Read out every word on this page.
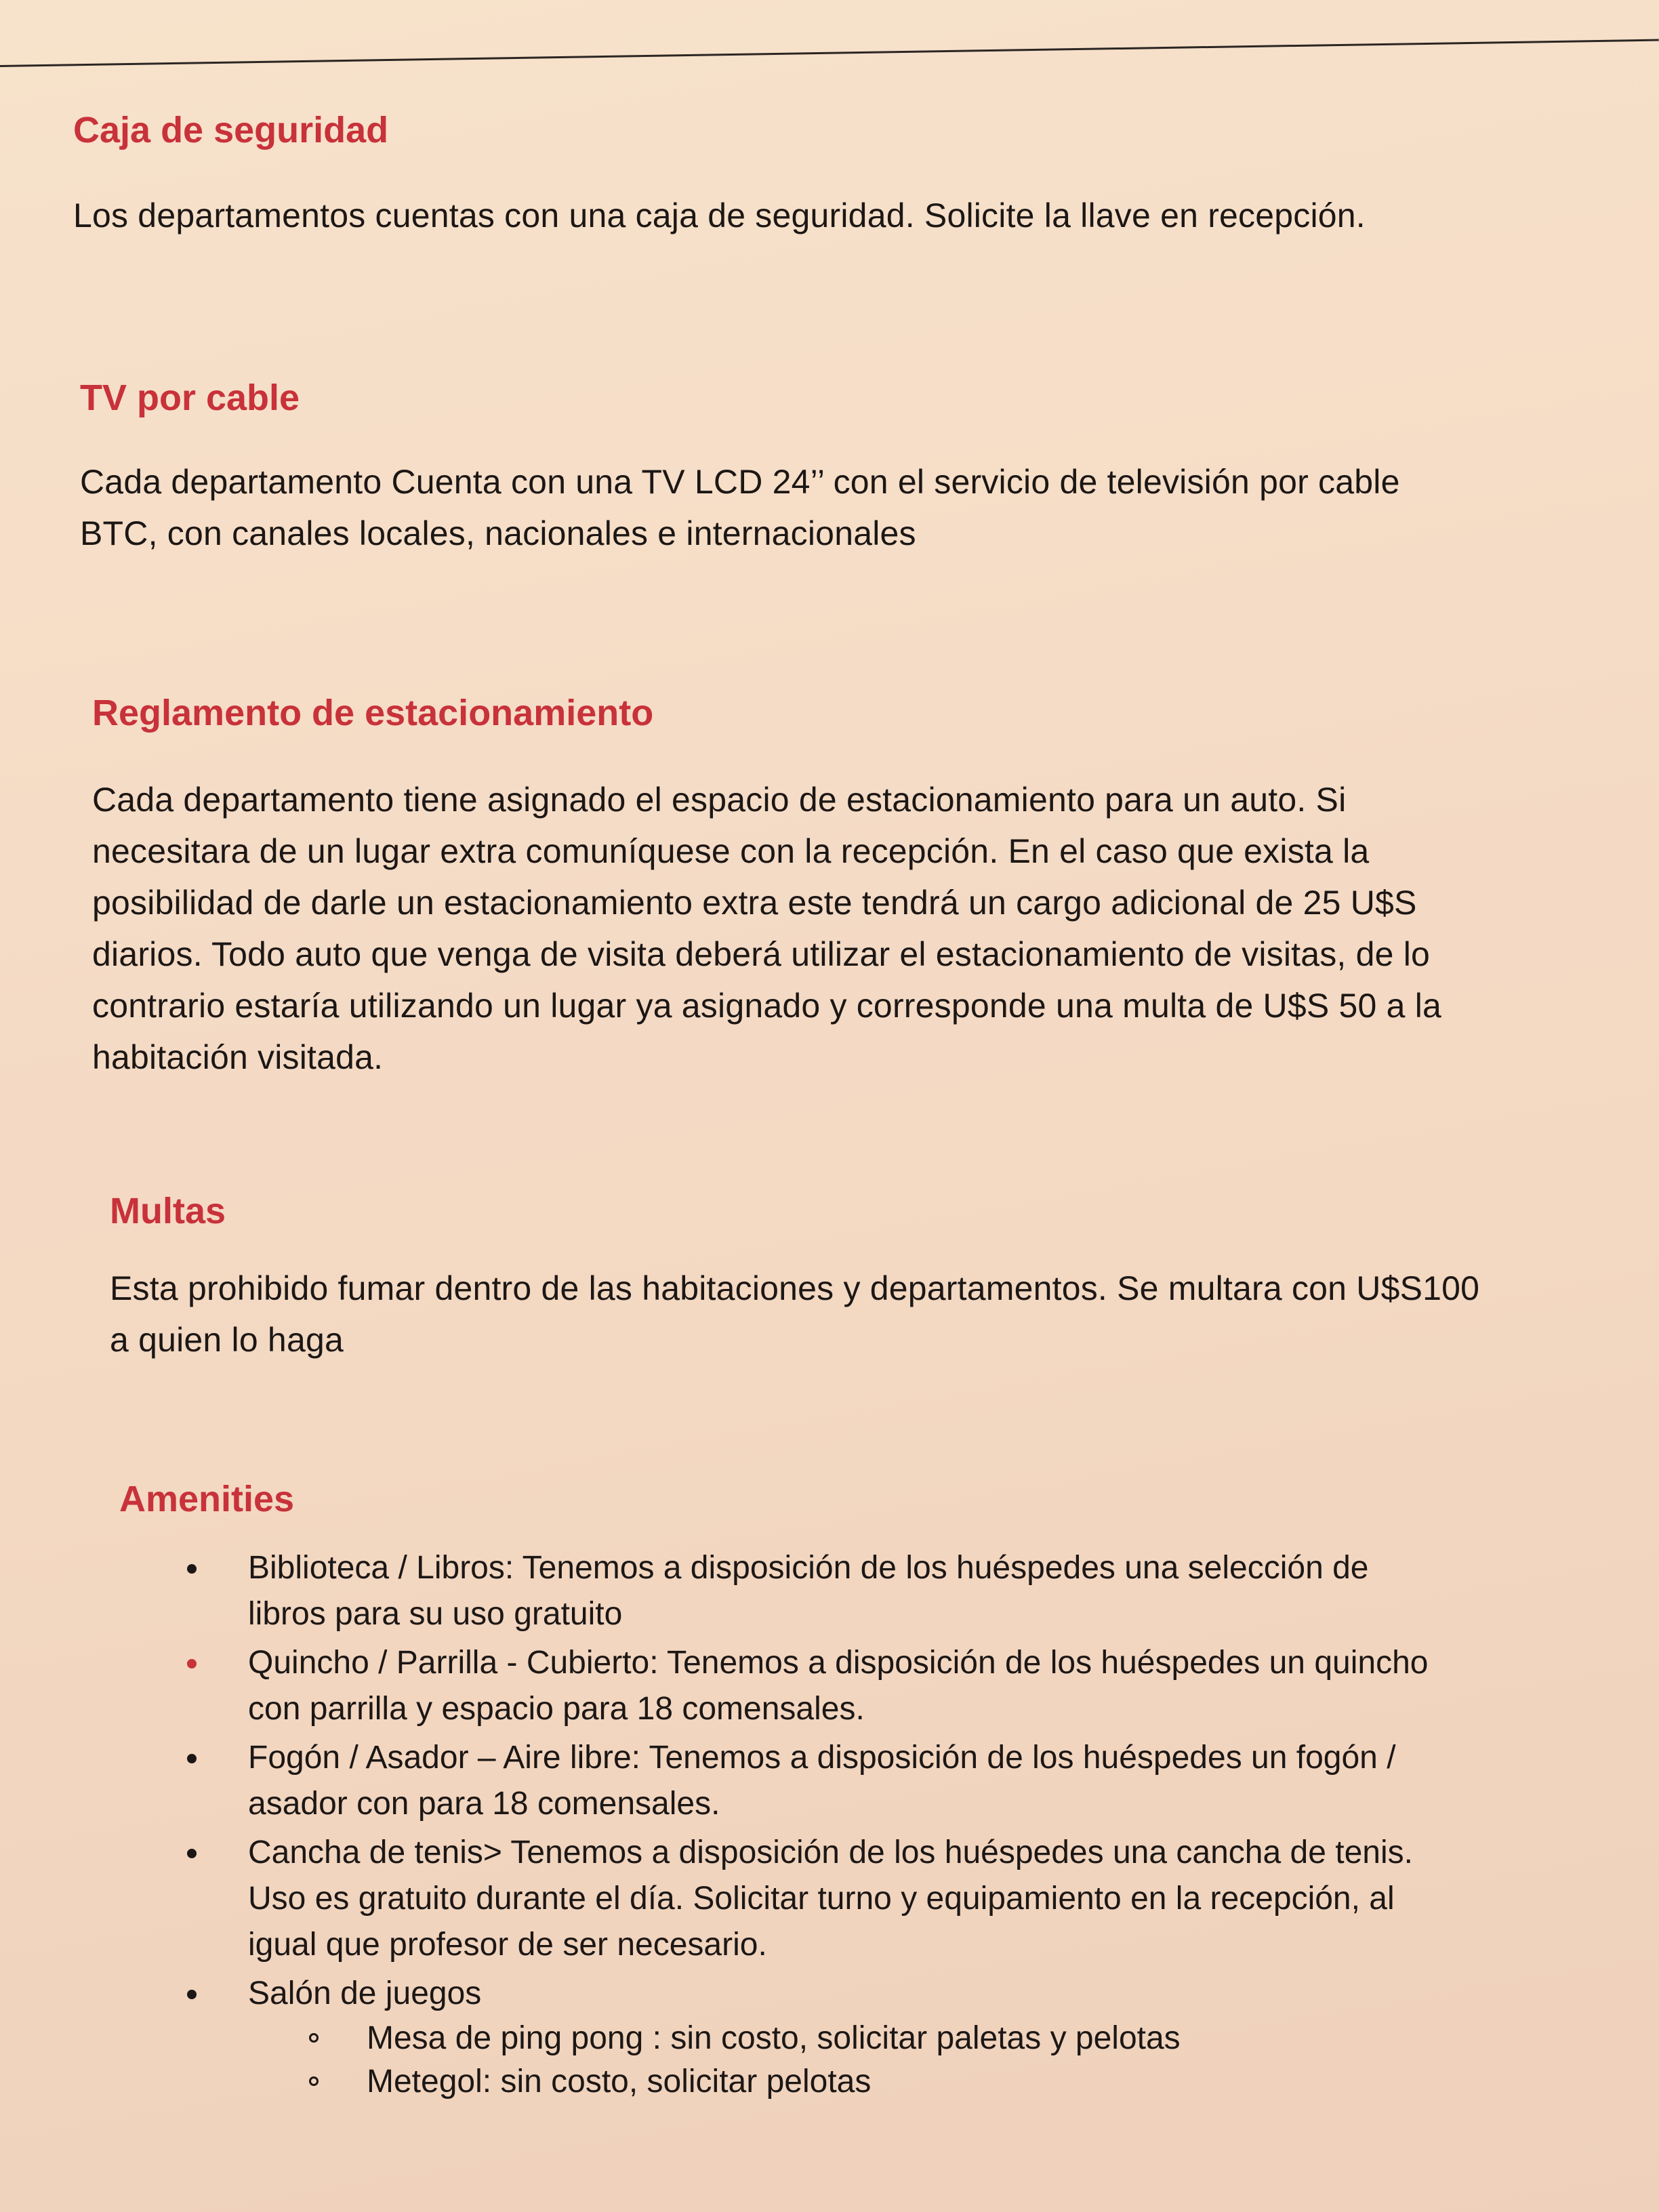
Caja de seguridad

Los departamentos cuentas con una caja de seguridad. Solicite la llave en recepción.

TV por cable

Cada departamento Cuenta con una TV LCD 24’’ con el servicio de televisión por cable

BTC, con canales locales, nacionales e internacionales

Reglamento de estacionamiento

Cada departamento tiene asignado el espacio de estacionamiento para un auto. Si

necesitara de un lugar extra comuníquese con la recepción. En el caso que exista la

posibilidad de darle un estacionamiento extra este tendrá un cargo adicional de 25 U$S

diarios. Todo auto que venga de visita deberá utilizar el estacionamiento de visitas, de lo

contrario estaría utilizando un lugar ya asignado y corresponde una multa de U$S 50 a la

habitación visitada.

Multas

Esta prohibido fumar dentro de las habitaciones y departamentos. Se multara con U$S100

a quien lo haga

Amenities
Biblioteca / Libros: Tenemos a disposición de los huéspedes una selección de
libros para su uso gratuito
Quincho / Parrilla - Cubierto: Tenemos a disposición de los huéspedes un quincho
con parrilla y espacio para 18 comensales.
Fogón / Asador – Aire libre: Tenemos a disposición de los huéspedes un fogón /
asador con para 18 comensales.
Cancha de tenis> Tenemos a disposición de los huéspedes una cancha de tenis.
Uso es gratuito durante el día. Solicitar turno y equipamiento en la recepción, al
igual que profesor de ser necesario.
Salón de juegos
Mesa de ping pong : sin costo, solicitar paletas y pelotas
Metegol: sin costo, solicitar pelotas
